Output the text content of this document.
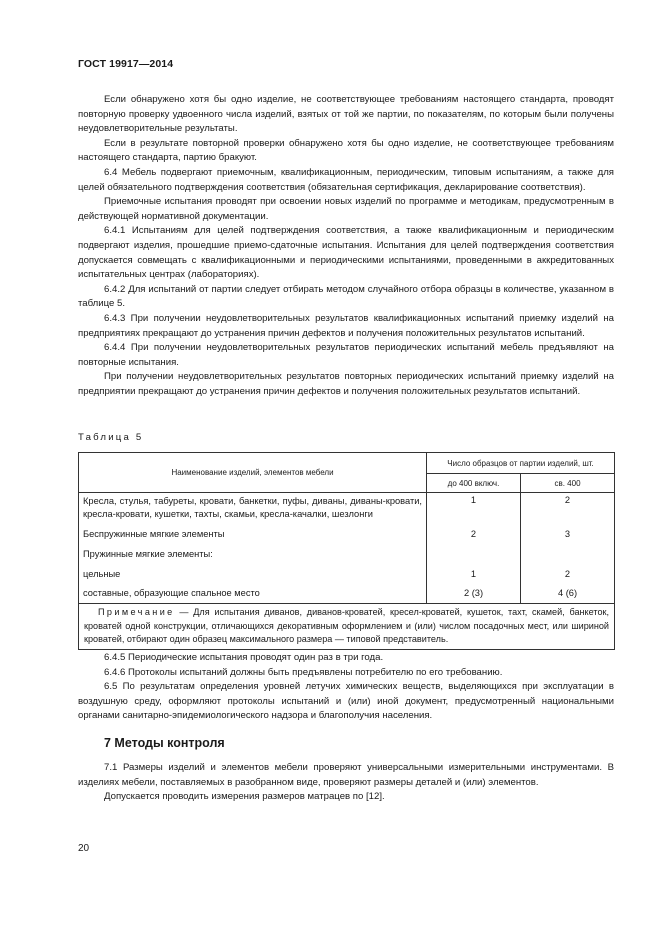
ГОСТ 19917—2014

Если обнаружено хотя бы одно изделие, не соответствующее требованиям настоящего стандарта, проводят повторную проверку удвоенного числа изделий, взятых от той же партии, по показателям, по которым были получены неудовлетворительные результаты.

Если в результате повторной проверки обнаружено хотя бы одно изделие, не соответствующее требованиям настоящего стандарта, партию бракуют.

6.4 Мебель подвергают приемочным, квалификационным, периодическим, типовым испытаниям, а также для целей обязательного подтверждения соответствия (обязательная сертификация, декларирование соответствия).

Приемочные испытания проводят при освоении новых изделий по программе и методикам, предусмотренным в действующей нормативной документации.

6.4.1 Испытаниям для целей подтверждения соответствия, а также квалификационным и периодическим подвергают изделия, прошедшие приемо-сдаточные испытания. Испытания для целей подтверждения соответствия допускается совмещать с квалификационными и периодическими испытаниями, проведенными в аккредитованных испытательных центрах (лабораториях).

6.4.2 Для испытаний от партии следует отбирать методом случайного отбора образцы в количестве, указанном в таблице 5.

6.4.3 При получении неудовлетворительных результатов квалификационных испытаний приемку изделий на предприятиях прекращают до устранения причин дефектов и получения положительных результатов испытаний.

6.4.4 При получении неудовлетворительных результатов периодических испытаний мебель предъявляют на повторные испытания.

При получении неудовлетворительных результатов повторных периодических испытаний приемку изделий на предприятии прекращают до устранения причин дефектов и получения положительных результатов испытаний.

Таблица 5
Наименование изделий, элементов мебели	Число образцов от партии изделий, шт.	
	до 400 включ.	св. 400
Кресла, стулья, табуреты, кровати, банкетки, пуфы, диваны, диваны-кровати, кресла-кровати, кушетки, тахты, скамьи, кресла-качалки, шезлонги	1	2
Беспружинные мягкие элементы	2	3
Пружинные мягкие элементы:		
цельные	1	2
составные, образующие спальное место	2 (3)	4 (6)
Примечание — Для испытания диванов, диванов-кроватей, кресел-кроватей, кушеток, тахт, скамей, банкеток, кроватей одной конструкции, отличающихся декоративным оформлением и (или) числом посадочных мест, или шириной кроватей, отбирают один образец максимального размера — типовой представитель.		

6.4.5 Периодические испытания проводят один раз в три года.

6.4.6 Протоколы испытаний должны быть предъявлены потребителю по его требованию.

6.5 По результатам определения уровней летучих химических веществ, выделяющихся при эксплуатации в воздушную среду, оформляют протоколы испытаний и (или) иной документ, предусмотренный национальными органами санитарно-эпидемиологического надзора и благополучия населения.

7 Методы контроля

7.1 Размеры изделий и элементов мебели проверяют универсальными измерительными инструментами. В изделиях мебели, поставляемых в разобранном виде, проверяют размеры деталей и (или) элементов.

Допускается проводить измерения размеров матрацев по [12].

20
